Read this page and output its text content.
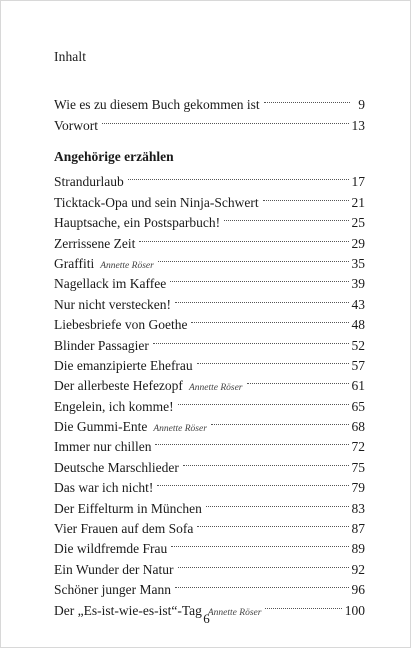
Inhalt
Wie es zu diesem Buch gekommen ist	9
Vorwort	13
Angehörige erzählen
Strandurlaub	17
Ticktack-Opa und sein Ninja-Schwert	21
Hauptsache, ein Postsparbuch!	25
Zerrissene Zeit	29
Graffiti Annette Röser	35
Nagellack im Kaffee	39
Nur nicht verstecken!	43
Liebesbriefe von Goethe	48
Blinder Passagier	52
Die emanzipierte Ehefrau	57
Der allerbeste Hefezopf Annette Röser	61
Engelein, ich komme!	65
Die Gummi-Ente Annette Röser	68
Immer nur chillen	72
Deutsche Marschlieder	75
Das war ich nicht!	79
Der Eiffelturm in München	83
Vier Frauen auf dem Sofa	87
Die wildfremde Frau	89
Ein Wunder der Natur	92
Schöner junger Mann	96
Der „Es-ist-wie-es-ist“-Tag Annette Röser	100
6
